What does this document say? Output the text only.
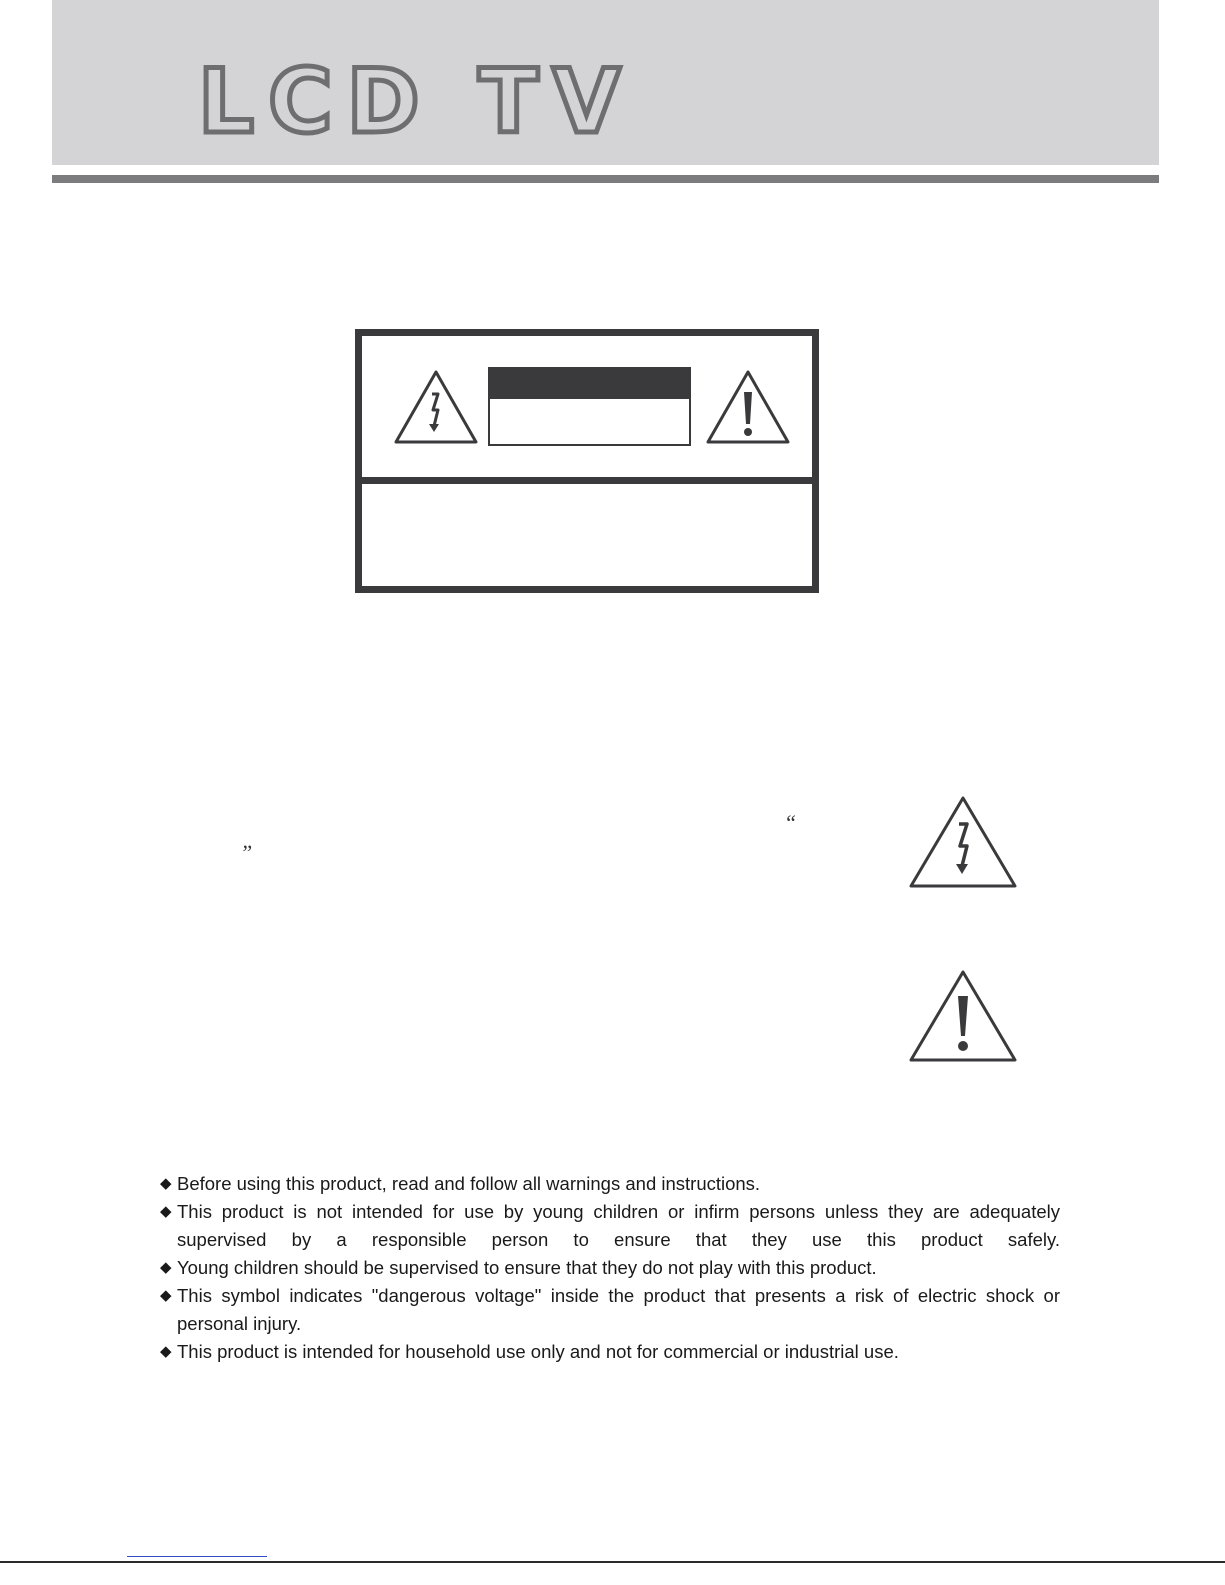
LCD TV
“
”
◆ Before using this product, read and follow all warnings and instructions.
◆ This product is not intended for use by young children or infirm persons unless they are adequately supervised by a responsible person to ensure that they use this product safely.
◆ Young children should be supervised to ensure that they do not play with this product.
◆ This symbol indicates "dangerous voltage" inside the product that presents a risk of electric shock or personal injury.
◆ This product is intended for household use only and not for commercial or industrial use.
